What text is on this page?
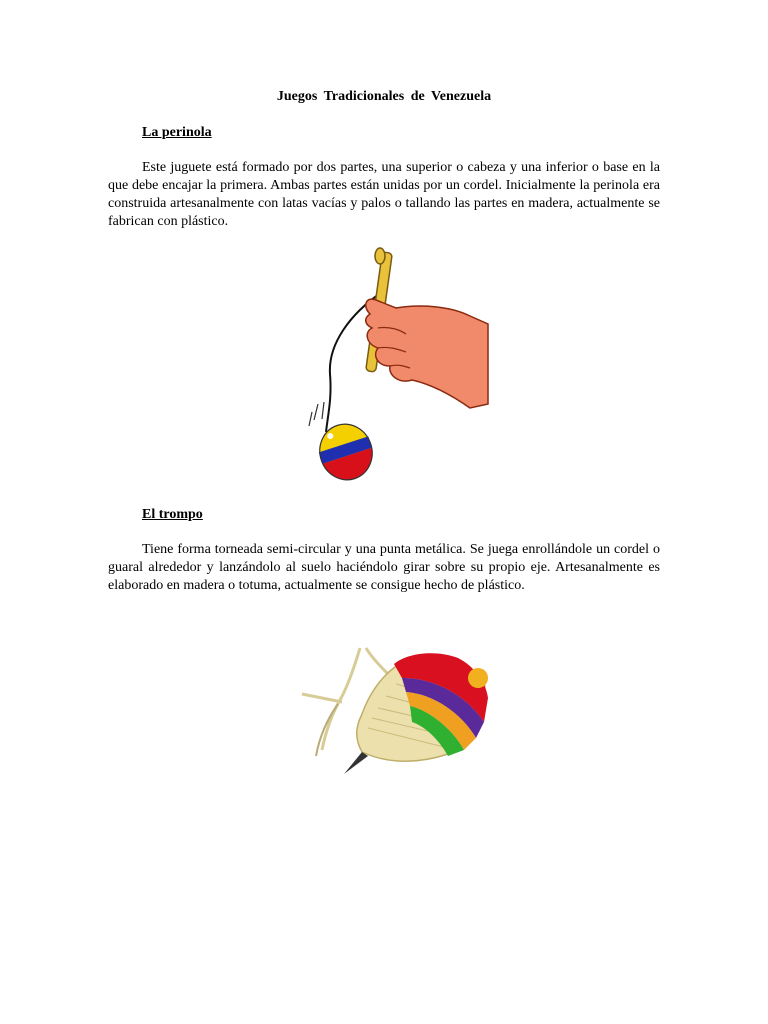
Juegos Tradicionales de Venezuela
La perinola

Este juguete está formado por dos partes, una superior o cabeza y una inferior o base en la que debe encajar la primera. Ambas partes están unidas por un cordel. Inicialmente la perinola era construida artesanalmente con latas vacías y palos o tallando las partes en madera, actualmente se fabrican con plástico.

El trompo

Tiene forma torneada semi-circular y una punta metálica. Se juega enrollándole un cordel o guaral alrededor y lanzándolo al suelo haciéndolo girar sobre su propio eje. Artesanalmente es elaborado en madera o totuma, actualmente se consigue hecho de plástico.
